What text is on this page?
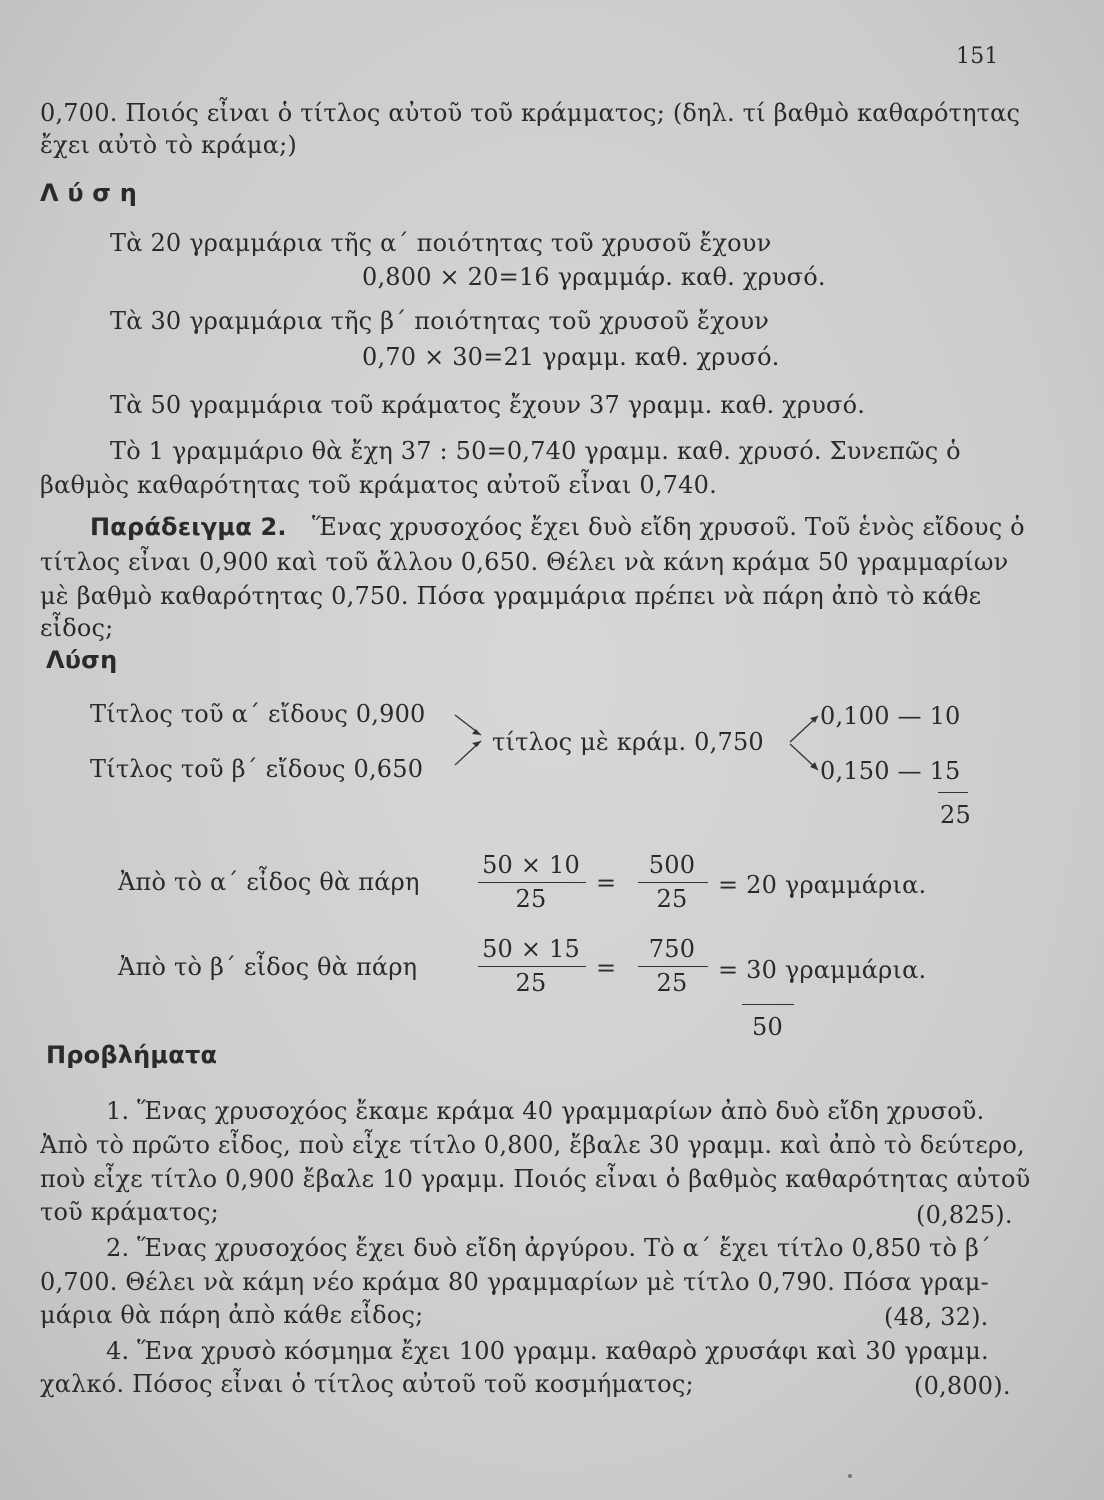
151
0,700. Ποιός εἶναι ὁ τίτλος αὐτοῦ τοῦ κράμματος; (δηλ. τί βαθμὸ καθαρότητας
ἔχει αὐτὸ τὸ κράμα;)
Λ ύ σ η
Τὰ 20 γραμμάρια τῆς α΄ ποιότητας τοῦ χρυσοῦ ἔχουν
0,800 × 20=16 γραμμάρ. καθ. χρυσό.
Τὰ 30 γραμμάρια τῆς β΄ ποιότητας τοῦ χρυσοῦ ἔχουν
0,70 × 30=21 γραμμ. καθ. χρυσό.
Τὰ 50 γραμμάρια τοῦ κράματος ἔχουν 37 γραμμ. καθ. χρυσό.
Τὸ 1 γραμμάριο θὰ ἔχη 37 : 50=0,740 γραμμ. καθ. χρυσό. Συνεπῶς ὁ
βαθμὸς καθαρότητας τοῦ κράματος αὐτοῦ εἶναι 0,740.
Παράδειγμα 2. Ἕνας χρυσοχόος ἔχει δυὸ εἴδη χρυσοῦ. Τοῦ ἑνὸς εἴδους ὁ
τίτλος εἶναι 0,900 καὶ τοῦ ἄλλου 0,650. Θέλει νὰ κάνη κράμα 50 γραμμαρίων
μὲ βαθμὸ καθαρότητας 0,750. Πόσα γραμμάρια πρέπει νὰ πάρη ἀπὸ τὸ κάθε
εἶδος;
Λύση
Τίτλος τοῦ α΄ εἴδους 0,900
Τίτλος τοῦ β΄ εἴδους 0,650
τίτλος μὲ κράμ. 0,750
0,100 — 10
0,150 — 15
25
Ἀπὸ τὸ α΄ εἶδος θὰ πάρη
50 × 10
25
=
500
25	= 20 γραμμάρια.
Ἀπὸ τὸ β΄ εἶδος θὰ πάρη
50 × 15
25
=
750
25	= 30 γραμμάρια.
50
Προβλήματα
1. Ἕνας χρυσοχόος ἔκαμε κράμα 40 γραμμαρίων ἀπὸ δυὸ εἴδη χρυσοῦ.
Ἀπὸ τὸ πρῶτο εἶδος, ποὺ εἶχε τίτλο 0,800, ἔβαλε 30 γραμμ. καὶ ἀπὸ τὸ δεύτερο,
ποὺ εἶχε τίτλο 0,900 ἔβαλε 10 γραμμ. Ποιός εἶναι ὁ βαθμὸς καθαρότητας αὐτοῦ
τοῦ κράματος;	(0,825).
2. Ἕνας χρυσοχόος ἔχει δυὸ εἴδη ἀργύρου. Τὸ α΄ ἔχει τίτλο 0,850 τὸ β΄
0,700. Θέλει νὰ κάμη νέο κράμα 80 γραμμαρίων μὲ τίτλο 0,790. Πόσα γραμ-
μάρια θὰ πάρη ἀπὸ κάθε εἶδος;	(48, 32).
4. Ἕνα χρυσὸ κόσμημα ἔχει 100 γραμμ. καθαρὸ χρυσάφι καὶ 30 γραμμ.
χαλκό. Πόσος εἶναι ὁ τίτλος αὐτοῦ τοῦ κοσμήματος;	(0,800).
